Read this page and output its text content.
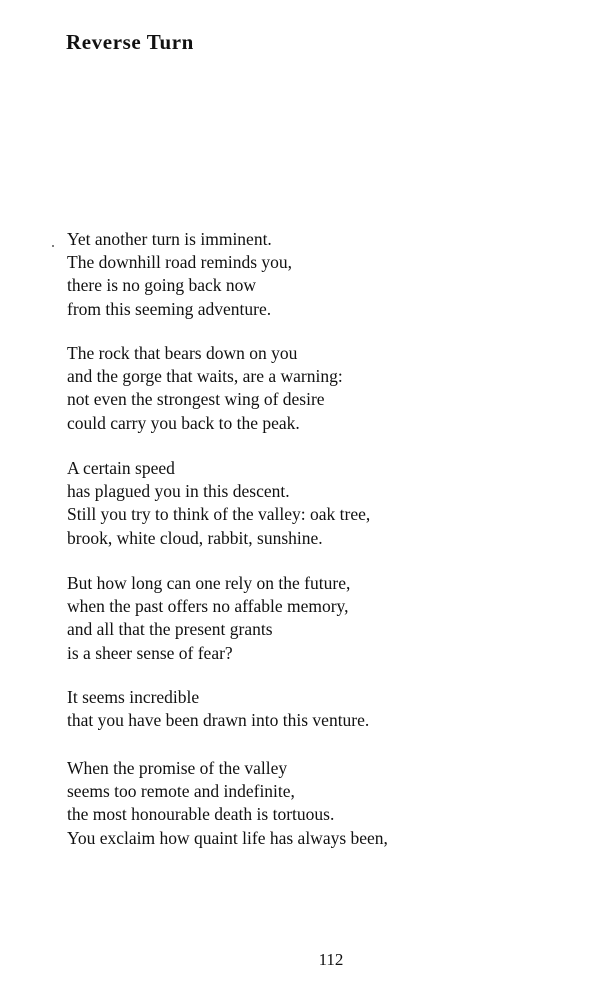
Reverse Turn

Yet another turn is imminent.
The downhill road reminds you,
there is no going back now
from this seeming adventure.

The rock that bears down on you
and the gorge that waits, are a warning:
not even the strongest wing of desire
could carry you back to the peak.

A certain speed
has plagued you in this descent.
Still you try to think of the valley: oak tree,
brook, white cloud, rabbit, sunshine.

But how long can one rely on the future,
when the past offers no affable memory,
and all that the present grants
is a sheer sense of fear?

It seems incredible
that you have been drawn into this venture.

When the promise of the valley
seems too remote and indefinite,
the most honourable death is tortuous.
You exclaim how quaint life has always been,

112
